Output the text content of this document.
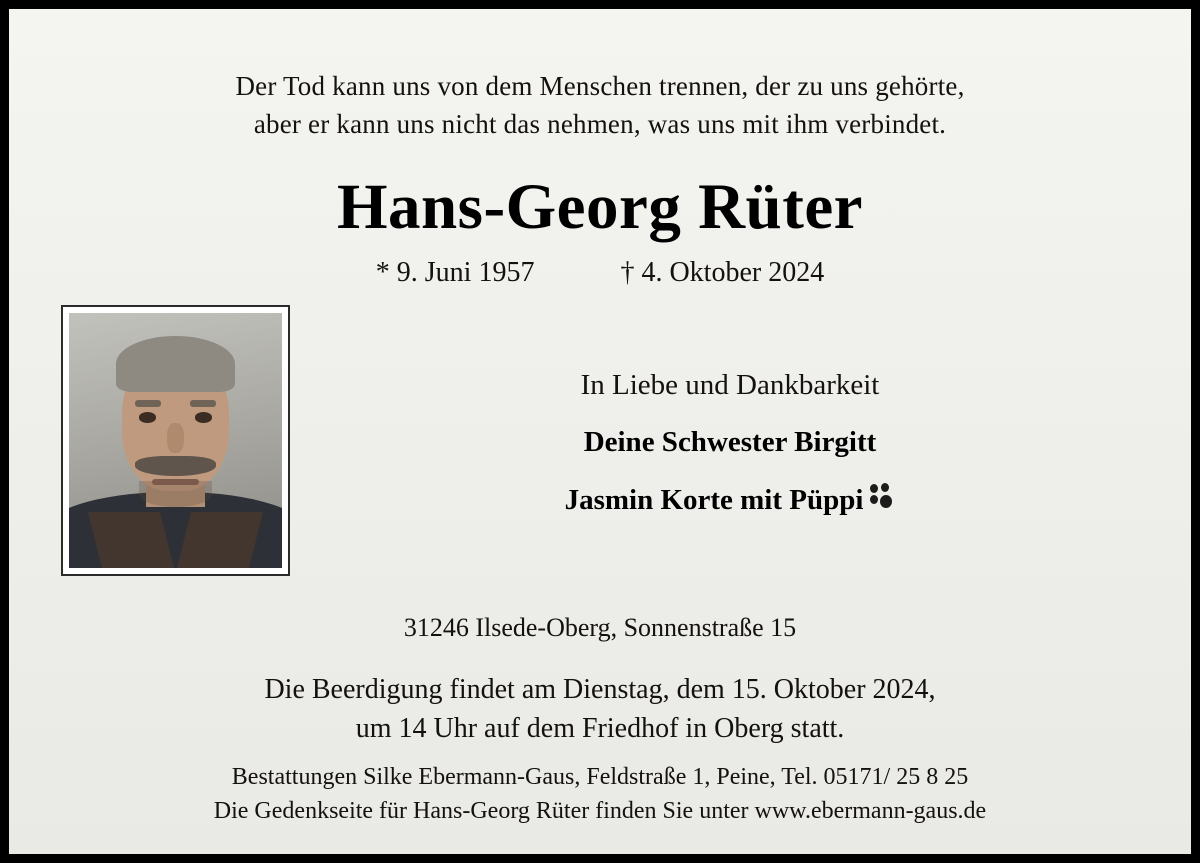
Der Tod kann uns von dem Menschen trennen, der zu uns gehörte,
aber er kann uns nicht das nehmen, was uns mit ihm verbindet.
Hans-Georg Rüter
* 9. Juni 1957	† 4. Oktober 2024
In Liebe und Dankbarkeit
Deine Schwester Birgitt
Jasmin Korte mit Püppi
31246 Ilsede-Oberg, Sonnenstraße 15
Die Beerdigung findet am Dienstag, dem 15. Oktober 2024,
um 14 Uhr auf dem Friedhof in Oberg statt.
Bestattungen Silke Ebermann-Gaus, Feldstraße 1, Peine, Tel. 05171/ 25 8 25
Die Gedenkseite für Hans-Georg Rüter finden Sie unter www.ebermann-gaus.de
